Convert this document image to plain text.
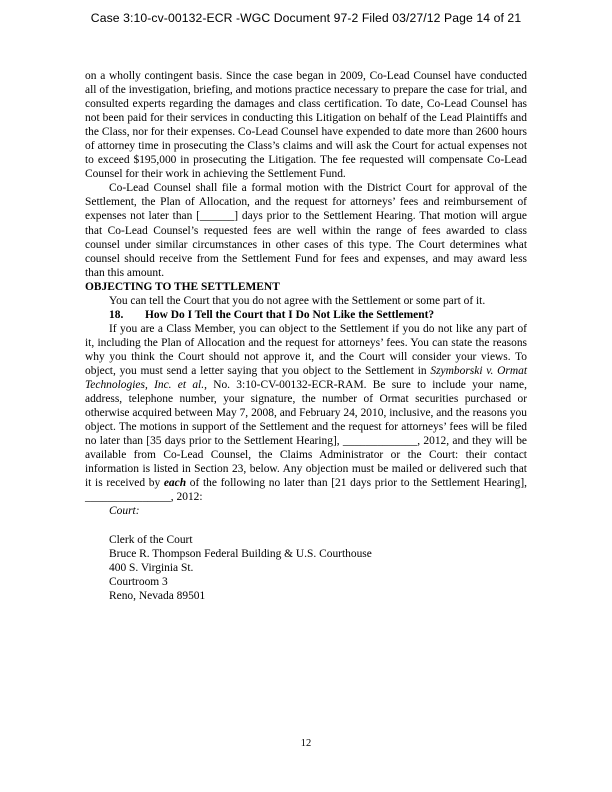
Case 3:10-cv-00132-ECR -WGC Document 97-2 Filed 03/27/12 Page 14 of 21

on a wholly contingent basis. Since the case began in 2009, Co-Lead Counsel have conducted all of the investigation, briefing, and motions practice necessary to prepare the case for trial, and consulted experts regarding the damages and class certification. To date, Co-Lead Counsel has not been paid for their services in conducting this Litigation on behalf of the Lead Plaintiffs and the Class, nor for their expenses. Co-Lead Counsel have expended to date more than 2600 hours of attorney time in prosecuting the Class’s claims and will ask the Court for actual expenses not to exceed $195,000 in prosecuting the Litigation. The fee requested will compensate Co-Lead Counsel for their work in achieving the Settlement Fund.

Co-Lead Counsel shall file a formal motion with the District Court for approval of the Settlement, the Plan of Allocation, and the request for attorneys’ fees and reimbursement of expenses not later than [______] days prior to the Settlement Hearing. That motion will argue that Co-Lead Counsel’s requested fees are well within the range of fees awarded to class counsel under similar circumstances in other cases of this type. The Court determines what counsel should receive from the Settlement Fund for fees and expenses, and may award less than this amount.

OBJECTING TO THE SETTLEMENT

You can tell the Court that you do not agree with the Settlement or some part of it.

18. How Do I Tell the Court that I Do Not Like the Settlement?

If you are a Class Member, you can object to the Settlement if you do not like any part of it, including the Plan of Allocation and the request for attorneys’ fees. You can state the reasons why you think the Court should not approve it, and the Court will consider your views. To object, you must send a letter saying that you object to the Settlement in Szymborski v. Ormat Technologies, Inc. et al., No. 3:10-CV-00132-ECR-RAM. Be sure to include your name, address, telephone number, your signature, the number of Ormat securities purchased or otherwise acquired between May 7, 2008, and February 24, 2010, inclusive, and the reasons you object. The motions in support of the Settlement and the request for attorneys’ fees will be filed no later than [35 days prior to the Settlement Hearing], _____________, 2012, and they will be available from Co-Lead Counsel, the Claims Administrator or the Court: their contact information is listed in Section 23, below. Any objection must be mailed or delivered such that it is received by each of the following no later than [21 days prior to the Settlement Hearing], _______________, 2012:

Court:
Clerk of the Court
Bruce R. Thompson Federal Building & U.S. Courthouse
400 S. Virginia St.
Courtroom 3
Reno, Nevada 89501
12
